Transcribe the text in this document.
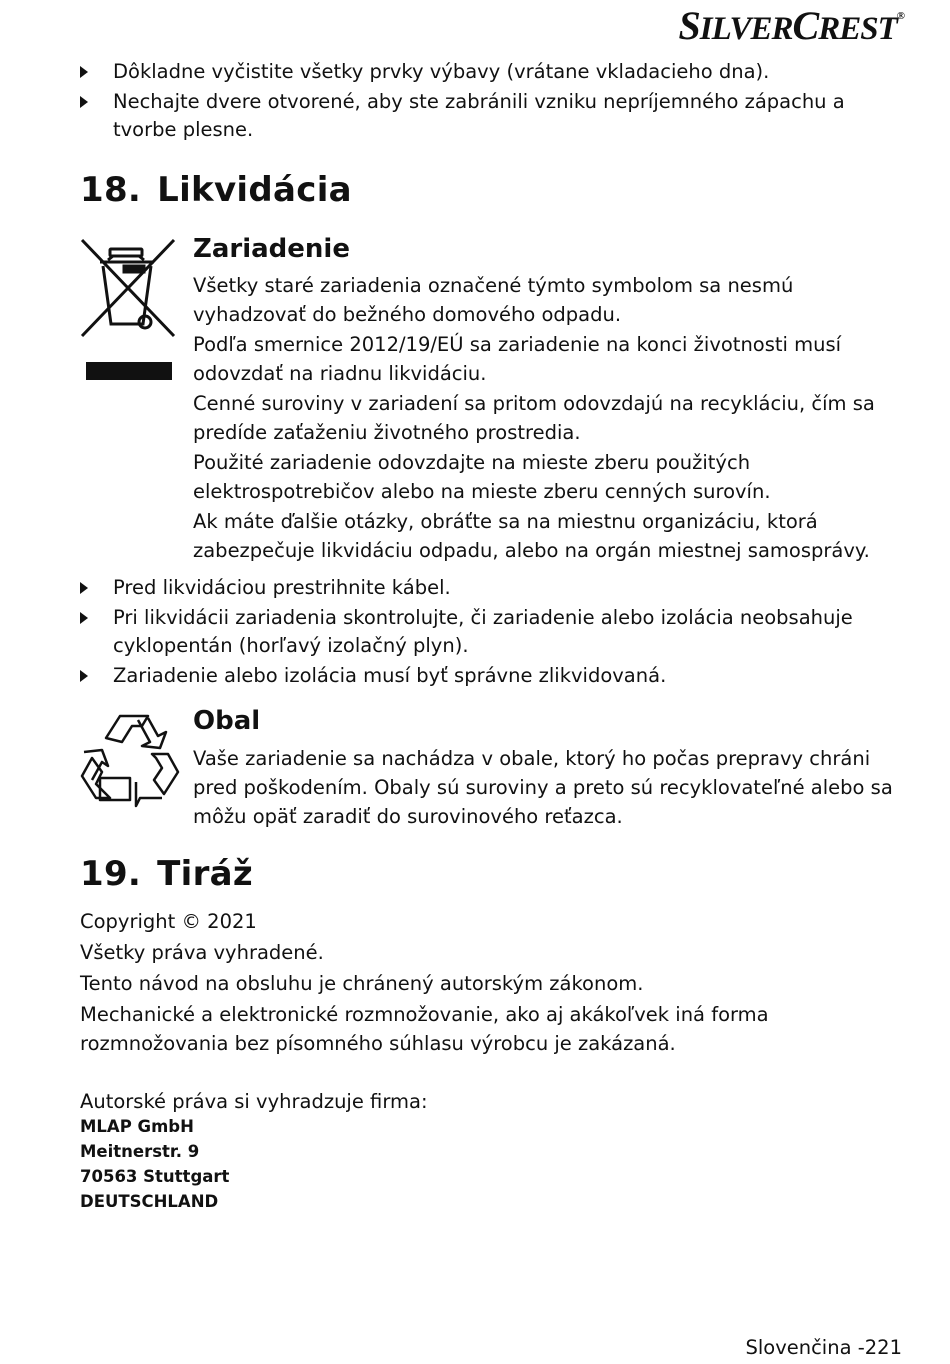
SILVERCREST®
Dôkladne vyčistite všetky prvky výbavy (vrátane vkladacieho dna).
Nechajte dvere otvorené, aby ste zabránili vzniku nepríjemného zápachu a tvorbe plesne.
18. Likvidácia
Zariadenie

Všetky staré zariadenia označené týmto symbolom sa nesmú vyhadzovať do bežného domového odpadu.

Podľa smernice 2012/19/EÚ sa zariadenie na konci životnosti musí odovzdať na riadnu likvidáciu.

Cenné suroviny v zariadení sa pritom odovzdajú na recykláciu, čím sa predíde zaťaženiu životného prostredia.

Použité zariadenie odovzdajte na mieste zberu použitých elektrospotrebičov alebo na mieste zberu cenných surovín.

Ak máte ďalšie otázky, obráťte sa na miestnu organizáciu, ktorá zabezpečuje likvidáciu odpadu, alebo na orgán miestnej samosprávy.

Pred likvidáciou prestrihnite kábel.
Pri likvidácii zariadenia skontrolujte, či zariadenie alebo izolácia neobsahuje cyklopentán (horľavý izolačný plyn).
Zariadenie alebo izolácia musí byť správne zlikvidovaná.
Obal

Vaše zariadenie sa nachádza v obale, ktorý ho počas prepravy chráni pred poškodením. Obaly sú suroviny a preto sú recyklovateľné alebo sa môžu opäť zaradiť do surovinového reťazca.

19. Tiráž

Copyright © 2021

Všetky práva vyhradené.

Tento návod na obsluhu je chránený autorským zákonom.

Mechanické a elektronické rozmnožovanie, ako aj akákoľvek iná forma rozmnožovania bez písomného súhlasu výrobcu je zakázaná.

Autorské práva si vyhradzuje firma:

MLAP GmbH
Meitnerstr. 9
70563 Stuttgart
DEUTSCHLAND
Slovenčina -221
